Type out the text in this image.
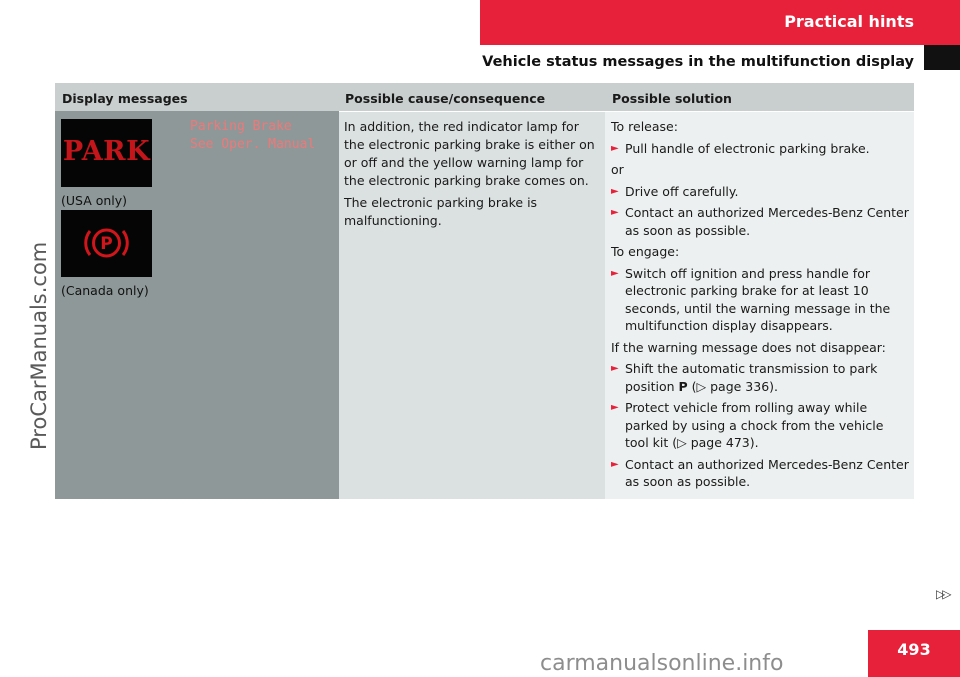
Practical hints
Vehicle status messages in the multifunction display
ProCarManuals.com
Display messages	Possible cause/consequence	Possible solution
PARK
(USA only)
P
(Canada only)
Parking Brake
See Oper. Manual

In addition, the red indicator lamp for the electronic parking brake is either on or off and the yellow warning lamp for the electronic parking brake comes on.

The electronic parking brake is malfunctioning.

To release:
► Pull handle of electronic parking brake.
or
► Drive off carefully.
► Contact an authorized Mercedes-Benz Center as soon as possible.
To engage:
► Switch off ignition and press handle for electronic parking brake for at least 10 seconds, until the warning message in the multifunction display disappears.
If the warning message does not disappear:
► Shift the automatic transmission to park position P (▷ page 336).
► Protect vehicle from rolling away while parked by using a chock from the vehicle tool kit (▷ page 473).
► Contact an authorized Mercedes-Benz Center as soon as possible.
▷▷
493
carmanualsonline.info
